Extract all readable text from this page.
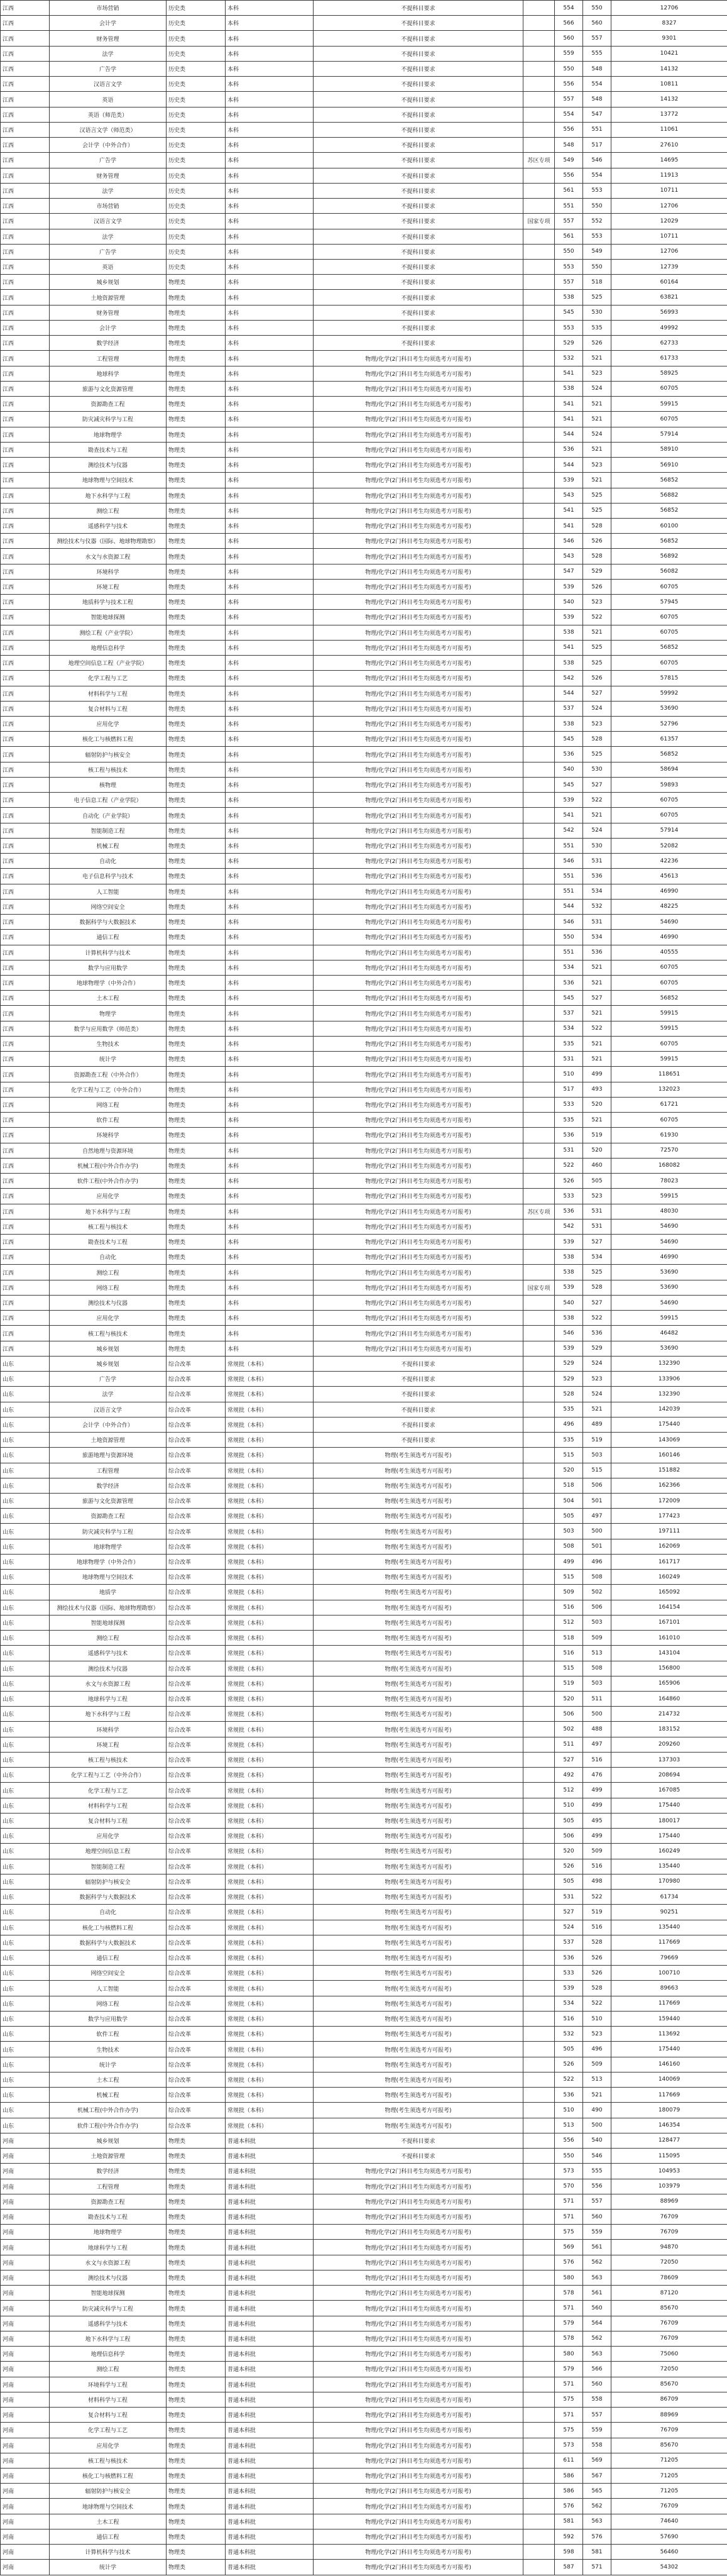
江西	市场营销	历史类	本科	不提科目要求		554	550	12706
江西	会计学	历史类	本科	不提科目要求		566	560	8327
江西	财务管理	历史类	本科	不提科目要求		560	557	9301
江西	法学	历史类	本科	不提科目要求		559	555	10421
江西	广告学	历史类	本科	不提科目要求		550	548	14132
江西	汉语言文学	历史类	本科	不提科目要求		556	554	10811
江西	英语	历史类	本科	不提科目要求		557	548	14132
江西	英语（师范类）	历史类	本科	不提科目要求		554	547	13772
江西	汉语言文学（师范类）	历史类	本科	不提科目要求		556	551	11061
江西	会计学（中外合作）	历史类	本科	不提科目要求		548	517	27610
江西	广告学	历史类	本科	不提科目要求	苏区专项	549	546	14695
江西	财务管理	历史类	本科	不提科目要求		556	554	11913
江西	法学	历史类	本科	不提科目要求		561	553	10711
江西	市场营销	历史类	本科	不提科目要求		551	550	12706
江西	汉语言文学	历史类	本科	不提科目要求	国家专项	557	552	12029
江西	法学	历史类	本科	不提科目要求		561	553	10711
江西	广告学	历史类	本科	不提科目要求		550	549	12706
江西	英语	历史类	本科	不提科目要求		553	550	12739
江西	城乡规划	物理类	本科	不提科目要求		557	518	60164
江西	土地资源管理	物理类	本科	不提科目要求		538	525	63821
江西	财务管理	物理类	本科	不提科目要求		545	530	56993
江西	会计学	物理类	本科	不提科目要求		553	535	49992
江西	数学经济	物理类	本科	不提科目要求		529	526	62733
江西	工程管理	物理类	本科	物理/化学(2门科目考生均须选考方可报考)		532	521	61733
江西	地球科学	物理类	本科	物理/化学(2门科目考生均须选考方可报考)		541	523	58925
江西	旅游与文化资源管理	物理类	本科	物理/化学(2门科目考生均须选考方可报考)		538	524	60705
江西	资源勘查工程	物理类	本科	物理/化学(2门科目考生均须选考方可报考)		541	521	59915
江西	防灾减灾科学与工程	物理类	本科	物理/化学(2门科目考生均须选考方可报考)		541	521	60705
江西	地球物理学	物理类	本科	物理/化学(2门科目考生均须选考方可报考)		544	524	57914
江西	勘查技术与工程	物理类	本科	物理/化学(2门科目考生均须选考方可报考)		536	521	58910
江西	测绘技术与仪器	物理类	本科	物理/化学(2门科目考生均须选考方可报考)		544	523	56910
江西	地球物理与空间技术	物理类	本科	物理/化学(2门科目考生均须选考方可报考)		539	521	56852
江西	地下水科学与工程	物理类	本科	物理/化学(2门科目考生均须选考方可报考)		543	525	56882
江西	测绘工程	物理类	本科	物理/化学(2门科目考生均须选考方可报考)		541	525	56852
江西	遥感科学与技术	物理类	本科	物理/化学(2门科目考生均须选考方可报考)		541	528	60100
江西	测绘技术与仪器（国际、地球物理勘察）	物理类	本科	物理/化学(2门科目考生均须选考方可报考)		546	526	56852
江西	水文与水资源工程	物理类	本科	物理/化学(2门科目考生均须选考方可报考)		543	528	56892
江西	环境科学	物理类	本科	物理/化学(2门科目考生均须选考方可报考)		547	529	56082
江西	环境工程	物理类	本科	物理/化学(2门科目考生均须选考方可报考)		539	526	60705
江西	地质科学与技术工程	物理类	本科	物理/化学(2门科目考生均须选考方可报考)		540	523	57945
江西	智能地球探测	物理类	本科	物理/化学(2门科目考生均须选考方可报考)		539	522	60705
江西	测绘工程（产业学院）	物理类	本科	物理/化学(2门科目考生均须选考方可报考)		538	521	60705
江西	地理信息科学	物理类	本科	物理/化学(2门科目考生均须选考方可报考)		541	525	56852
江西	地理空间信息工程（产业学院）	物理类	本科	物理/化学(2门科目考生均须选考方可报考)		538	525	60705
江西	化学工程与工艺	物理类	本科	物理/化学(2门科目考生均须选考方可报考)		542	526	57815
江西	材料科学与工程	物理类	本科	物理/化学(2门科目考生均须选考方可报考)		544	527	59992
江西	复合材料与工程	物理类	本科	物理/化学(2门科目考生均须选考方可报考)		537	524	53690
江西	应用化学	物理类	本科	物理/化学(2门科目考生均须选考方可报考)		538	523	52796
江西	核化工与核燃料工程	物理类	本科	物理/化学(2门科目考生均须选考方可报考)		545	528	61357
江西	辐射防护与核安全	物理类	本科	物理/化学(2门科目考生均须选考方可报考)		536	525	56852
江西	核工程与核技术	物理类	本科	物理/化学(2门科目考生均须选考方可报考)		540	530	58694
江西	核物理	物理类	本科	物理/化学(2门科目考生均须选考方可报考)		545	527	59893
江西	电子信息工程（产业学院）	物理类	本科	物理/化学(2门科目考生均须选考方可报考)		539	522	60705
江西	自动化（产业学院）	物理类	本科	物理/化学(2门科目考生均须选考方可报考)		541	521	60705
江西	智能制造工程	物理类	本科	物理/化学(2门科目考生均须选考方可报考)		542	524	57914
江西	机械工程	物理类	本科	物理/化学(2门科目考生均须选考方可报考)		551	530	52082
江西	自动化	物理类	本科	物理/化学(2门科目考生均须选考方可报考)		546	531	42236
江西	电子信息科学与技术	物理类	本科	物理/化学(2门科目考生均须选考方可报考)		551	536	45613
江西	人工智能	物理类	本科	物理/化学(2门科目考生均须选考方可报考)		551	534	46990
江西	网络空间安全	物理类	本科	物理/化学(2门科目考生均须选考方可报考)		544	532	48225
江西	数据科学与大数据技术	物理类	本科	物理/化学(2门科目考生均须选考方可报考)		546	531	54690
江西	通信工程	物理类	本科	物理/化学(2门科目考生均须选考方可报考)		550	534	46990
江西	计算机科学与技术	物理类	本科	物理/化学(2门科目考生均须选考方可报考)		551	536	40555
江西	数学与应用数学	物理类	本科	物理/化学(2门科目考生均须选考方可报考)		534	521	60705
江西	地球物理学（中外合作）	物理类	本科	物理/化学(2门科目考生均须选考方可报考)		536	521	60705
江西	土木工程	物理类	本科	物理/化学(2门科目考生均须选考方可报考)		545	527	56852
江西	物理学	物理类	本科	物理/化学(2门科目考生均须选考方可报考)		537	521	59915
江西	数学与应用数学（师范类）	物理类	本科	物理/化学(2门科目考生均须选考方可报考)		534	522	59915
江西	生物技术	物理类	本科	物理/化学(2门科目考生均须选考方可报考)		535	521	60705
江西	统计学	物理类	本科	物理/化学(2门科目考生均须选考方可报考)		531	521	59915
江西	资源勘查工程（中外合作）	物理类	本科	物理/化学(2门科目考生均须选考方可报考)		510	499	118651
江西	化学工程与工艺（中外合作）	物理类	本科	物理/化学(2门科目考生均须选考方可报考)		517	493	132023
江西	网络工程	物理类	本科	物理/化学(2门科目考生均须选考方可报考)		533	520	61721
江西	软件工程	物理类	本科	物理/化学(2门科目考生均须选考方可报考)		535	521	60705
江西	环境科学	物理类	本科	物理/化学(2门科目考生均须选考方可报考)		536	519	61930
江西	自然地理与资源环境	物理类	本科	物理/化学(2门科目考生均须选考方可报考)		531	520	72570
江西	机械工程(中外合作办学)	物理类	本科	物理/化学(2门科目考生均须选考方可报考)		522	460	168082
江西	软件工程(中外合作办学)	物理类	本科	物理/化学(2门科目考生均须选考方可报考)		526	505	78023
江西	应用化学	物理类	本科	物理/化学(2门科目考生均须选考方可报考)		533	523	59915
江西	地下水科学与工程	物理类	本科	物理/化学(2门科目考生均须选考方可报考)	苏区专项	536	531	48030
江西	核工程与核技术	物理类	本科	物理/化学(2门科目考生均须选考方可报考)		542	531	54690
江西	勘查技术与工程	物理类	本科	物理/化学(2门科目考生均须选考方可报考)		539	527	54690
江西	自动化	物理类	本科	物理/化学(2门科目考生均须选考方可报考)		538	534	46990
江西	测绘工程	物理类	本科	物理/化学(2门科目考生均须选考方可报考)		538	525	53690
江西	网络工程	物理类	本科	物理/化学(2门科目考生均须选考方可报考)	国家专项	539	528	53690
江西	测绘技术与仪器	物理类	本科	物理/化学(2门科目考生均须选考方可报考)		540	527	54690
江西	应用化学	物理类	本科	物理/化学(2门科目考生均须选考方可报考)		538	522	59915
江西	核工程与核技术	物理类	本科	物理/化学(2门科目考生均须选考方可报考)		546	536	46482
江西	城乡规划	物理类	本科	物理/化学(2门科目考生均须选考方可报考)		539	529	53690
山东	城乡规划	综合改革	常规批（本科）	不提科目要求		529	524	132390
山东	广告学	综合改革	常规批（本科）	不提科目要求		529	523	133906
山东	法学	综合改革	常规批（本科）	不提科目要求		528	524	132390
山东	汉语言文学	综合改革	常规批（本科）	不提科目要求		535	521	142039
山东	会计学（中外合作）	综合改革	常规批（本科）	不提科目要求		496	489	175440
山东	土地资源管理	综合改革	常规批（本科）	不提科目要求		535	519	143069
山东	旅游地理与资源环境	综合改革	常规批（本科）	物理(考生须选考方可报考)		515	503	160146
山东	工程管理	综合改革	常规批（本科）	物理(考生须选考方可报考)		520	515	151882
山东	数学经济	综合改革	常规批（本科）	物理(考生须选考方可报考)		518	506	162366
山东	旅游与文化资源管理	综合改革	常规批（本科）	物理(考生须选考方可报考)		504	501	172009
山东	资源勘查工程	综合改革	常规批（本科）	物理(考生须选考方可报考)		505	497	177423
山东	防灾减灾科学与工程	综合改革	常规批（本科）	物理(考生须选考方可报考)		503	500	197111
山东	地球物理学	综合改革	常规批（本科）	物理(考生须选考方可报考)		508	501	162069
山东	地球物理学（中外合作）	综合改革	常规批（本科）	物理(考生须选考方可报考)		499	496	161717
山东	地球物理与空间技术	综合改革	常规批（本科）	物理(考生须选考方可报考)		515	508	160249
山东	地质学	综合改革	常规批（本科）	物理(考生须选考方可报考)		509	502	165092
山东	测绘技术与仪器（国际、地球物理勘察）	综合改革	常规批（本科）	物理(考生须选考方可报考)		516	506	164154
山东	智能地球探测	综合改革	常规批（本科）	物理(考生须选考方可报考)		512	503	167101
山东	测绘工程	综合改革	常规批（本科）	物理(考生须选考方可报考)		518	509	161010
山东	遥感科学与技术	综合改革	常规批（本科）	物理(考生须选考方可报考)		516	513	143104
山东	测绘技术与仪器	综合改革	常规批（本科）	物理(考生须选考方可报考)		515	508	156800
山东	水文与水资源工程	综合改革	常规批（本科）	物理(考生须选考方可报考)		519	503	165906
山东	地球科学与工程	综合改革	常规批（本科）	物理(考生须选考方可报考)		520	511	164860
山东	地下水科学与工程	综合改革	常规批（本科）	物理(考生须选考方可报考)		506	500	214732
山东	环境科学	综合改革	常规批（本科）	物理(考生须选考方可报考)		502	488	183152
山东	环境工程	综合改革	常规批（本科）	物理(考生须选考方可报考)		511	497	209260
山东	核工程与核技术	综合改革	常规批（本科）	物理(考生须选考方可报考)		527	516	137303
山东	化学工程与工艺（中外合作）	综合改革	常规批（本科）	物理(考生须选考方可报考)		492	476	208694
山东	化学工程与工艺	综合改革	常规批（本科）	物理(考生须选考方可报考)		512	499	167085
山东	材料科学与工程	综合改革	常规批（本科）	物理(考生须选考方可报考)		510	499	175440
山东	复合材料与工程	综合改革	常规批（本科）	物理(考生须选考方可报考)		505	495	180017
山东	应用化学	综合改革	常规批（本科）	物理(考生须选考方可报考)		506	499	175440
山东	地理空间信息工程	综合改革	常规批（本科）	物理(考生须选考方可报考)		520	509	160249
山东	智能制造工程	综合改革	常规批（本科）	物理(考生须选考方可报考)		526	516	135440
山东	辐射防护与核安全	综合改革	常规批（本科）	物理(考生须选考方可报考)		505	498	170980
山东	数据科学与大数据技术	综合改革	常规批（本科）	物理(考生须选考方可报考)		531	522	61734
山东	自动化	综合改革	常规批（本科）	物理(考生须选考方可报考)		527	519	90251
山东	核化工与核燃料工程	综合改革	常规批（本科）	物理(考生须选考方可报考)		524	516	135440
山东	数据科学与大数据技术	综合改革	常规批（本科）	物理(考生须选考方可报考)		537	528	117669
山东	通信工程	综合改革	常规批（本科）	物理(考生须选考方可报考)		536	526	79669
山东	网络空间安全	综合改革	常规批（本科）	物理(考生须选考方可报考)		533	526	100710
山东	人工智能	综合改革	常规批（本科）	物理(考生须选考方可报考)		539	528	89663
山东	网络工程	综合改革	常规批（本科）	物理(考生须选考方可报考)		534	522	117669
山东	数学与应用数学	综合改革	常规批（本科）	物理(考生须选考方可报考)		516	510	159440
山东	软件工程	综合改革	常规批（本科）	物理(考生须选考方可报考)		532	523	113692
山东	生物技术	综合改革	常规批（本科）	物理(考生须选考方可报考)		505	496	175440
山东	统计学	综合改革	常规批（本科）	物理(考生须选考方可报考)		526	509	146160
山东	土木工程	综合改革	常规批（本科）	物理(考生须选考方可报考)		522	513	140069
山东	机械工程	综合改革	常规批（本科）	物理(考生须选考方可报考)		536	521	117669
山东	机械工程(中外合作办学)	综合改革	常规批（本科）	物理(考生须选考方可报考)		510	490	180079
山东	软件工程(中外合作办学)	综合改革	常规批（本科）	物理(考生须选考方可报考)		513	500	146354
河南	城乡规划	物理类	普通本科批	不提科目要求		556	540	128477
河南	土地资源管理	物理类	普通本科批	不提科目要求		550	546	115095
河南	数学经济	物理类	普通本科批	物理/化学(2门科目考生均须选考方可报考)		573	555	104953
河南	工程管理	物理类	普通本科批	物理/化学(2门科目考生均须选考方可报考)		570	556	103979
河南	资源勘查工程	物理类	普通本科批	物理/化学(2门科目考生均须选考方可报考)		571	557	88969
河南	勘查技术与工程	物理类	普通本科批	物理/化学(2门科目考生均须选考方可报考)		571	560	76709
河南	地球物理学	物理类	普通本科批	物理/化学(2门科目考生均须选考方可报考)		575	559	76709
河南	地球科学与工程	物理类	普通本科批	物理/化学(2门科目考生均须选考方可报考)		569	561	94870
河南	水文与水资源工程	物理类	普通本科批	物理/化学(2门科目考生均须选考方可报考)		576	562	72050
河南	测绘技术与仪器	物理类	普通本科批	物理/化学(2门科目考生均须选考方可报考)		580	563	78609
河南	智能地球探测	物理类	普通本科批	物理/化学(2门科目考生均须选考方可报考)		578	561	87120
河南	防灾减灾科学与工程	物理类	普通本科批	物理/化学(2门科目考生均须选考方可报考)		571	560	85670
河南	遥感科学与技术	物理类	普通本科批	物理/化学(2门科目考生均须选考方可报考)		579	564	76709
河南	地下水科学与工程	物理类	普通本科批	物理/化学(2门科目考生均须选考方可报考)		578	562	76709
河南	地理信息科学	物理类	普通本科批	物理/化学(2门科目考生均须选考方可报考)		580	563	75060
河南	测绘工程	物理类	普通本科批	物理/化学(2门科目考生均须选考方可报考)		579	566	72050
河南	环境科学与工程	物理类	普通本科批	物理/化学(2门科目考生均须选考方可报考)		571	560	85670
河南	材料科学与工程	物理类	普通本科批	物理/化学(2门科目考生均须选考方可报考)		575	558	86709
河南	复合材料与工程	物理类	普通本科批	物理/化学(2门科目考生均须选考方可报考)		571	557	88969
河南	化学工程与工艺	物理类	普通本科批	物理/化学(2门科目考生均须选考方可报考)		575	559	76709
河南	应用化学	物理类	普通本科批	物理/化学(2门科目考生均须选考方可报考)		573	558	85670
河南	核工程与核技术	物理类	普通本科批	物理/化学(2门科目考生均须选考方可报考)		611	569	71205
河南	核化工与核燃料工程	物理类	普通本科批	物理/化学(2门科目考生均须选考方可报考)		586	567	71205
河南	辐射防护与核安全	物理类	普通本科批	物理/化学(2门科目考生均须选考方可报考)		586	565	71205
河南	地球物理与空间技术	物理类	普通本科批	物理/化学(2门科目考生均须选考方可报考)		576	562	76709
河南	土木工程	物理类	普通本科批	物理/化学(2门科目考生均须选考方可报考)		581	563	74640
河南	通信工程	物理类	普通本科批	物理/化学(2门科目考生均须选考方可报考)		592	576	57690
河南	计算机科学与技术	物理类	普通本科批	物理/化学(2门科目考生均须选考方可报考)		598	581	56460
河南	统计学	物理类	普通本科批	物理/化学(2门科目考生均须选考方可报考)		587	571	54302
